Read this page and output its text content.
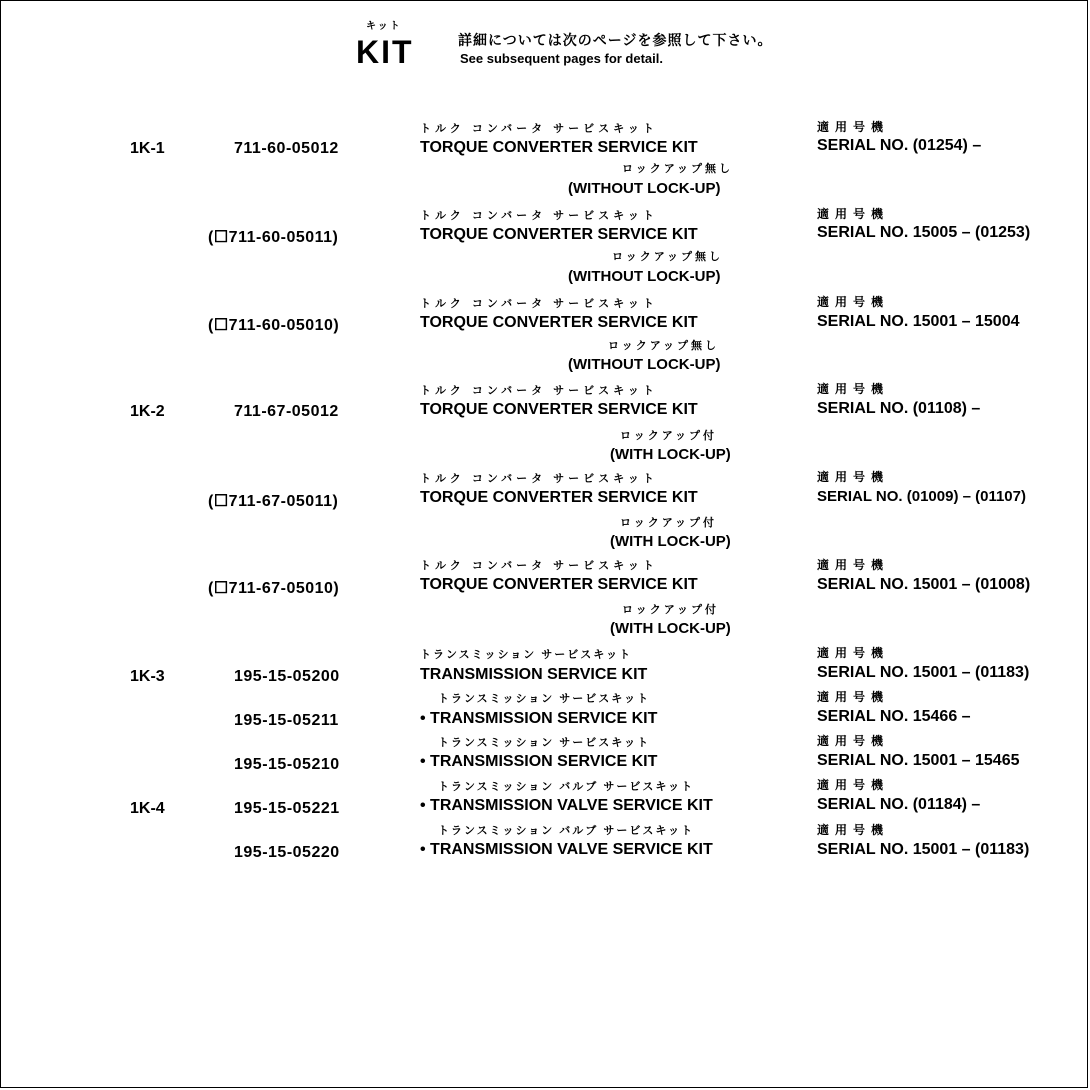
キット
KIT	詳細については次のページを参照して下さい。
See subsequent pages for detail.
1K-1	711-60-05012
トルク コンバータ サービスキット
TORQUE CONVERTER SERVICE KIT
ロックアップ無し
(WITHOUT LOCK-UP)
適用号機
SERIAL NO. (01254) –
(☐711-60-05011)
トルク コンバータ サービスキット
TORQUE CONVERTER SERVICE KIT
ロックアップ無し
(WITHOUT LOCK-UP)
適用号機
SERIAL NO. 15005 – (01253)
(☐711-60-05010)
トルク コンバータ サービスキット
TORQUE CONVERTER SERVICE KIT
ロックアップ無し
(WITHOUT LOCK-UP)
適用号機
SERIAL NO. 15001 – 15004
1K-2	711-67-05012
トルク コンバータ サービスキット
TORQUE CONVERTER SERVICE KIT
ロックアップ付
(WITH LOCK-UP)
適用号機
SERIAL NO. (01108) –
(☐711-67-05011)
トルク コンバータ サービスキット
TORQUE CONVERTER SERVICE KIT
ロックアップ付
(WITH LOCK-UP)
適用号機
SERIAL NO. (01009) – (01107)
(☐711-67-05010)
トルク コンバータ サービスキット
TORQUE CONVERTER SERVICE KIT
ロックアップ付
(WITH LOCK-UP)
適用号機
SERIAL NO. 15001 – (01008)
1K-3	195-15-05200
トランスミッション サービスキット
TRANSMISSION SERVICE KIT
適用号機
SERIAL NO. 15001 – (01183)
195-15-05211
トランスミッション サービスキット
• TRANSMISSION SERVICE KIT
適用号機
SERIAL NO. 15466 –
195-15-05210
トランスミッション サービスキット
• TRANSMISSION SERVICE KIT
適用号機
SERIAL NO. 15001 – 15465
1K-4	195-15-05221
トランスミッション バルブ サービスキット
• TRANSMISSION VALVE SERVICE KIT
適用号機
SERIAL NO. (01184) –
195-15-05220
トランスミッション バルブ サービスキット
• TRANSMISSION VALVE SERVICE KIT
適用号機
SERIAL NO. 15001 – (01183)
